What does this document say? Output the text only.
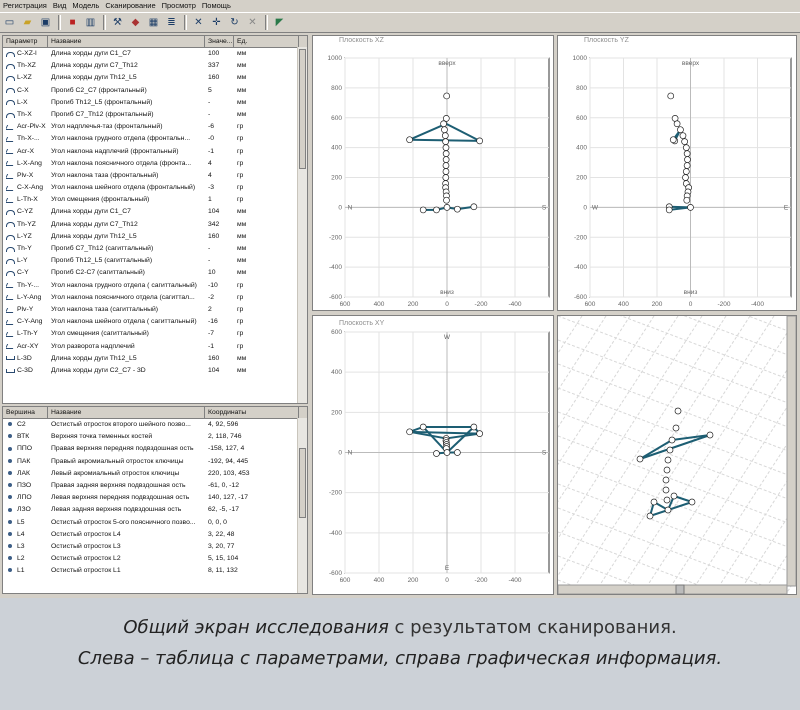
Регистрация Вид Модель Сканирование Просмотр Помощь
▭ ▰ ▣	■	▥	⚒ ◆ ▦ ≣	✕ ✛ ↻ ✕	◤
Параметр	Название	Значе... Ед.
C-XZ-l	Длина хорды дуги C1_C7	100	мм
Th-XZ	Длина хорды дуги C7_Th12	337	мм
L-XZ	Длина хорды дуги Th12_L5	160	мм
C-X	Прогиб C2_C7 (фронтальный)	5	мм
L-X	Прогиб Th12_L5 (фронтальный)	-	мм
Th-X	Прогиб C7_Th12 (фронтальный)	-	мм
Acr-Plv-X Угол надплечья-таз (фронтальный)	-6	гр
Th-X-...	Угол наклона грудного отдела (фронтальн...	-0	гр
Acr-X	Угол наклона надплечий (фронтальный)	-1	гр
L-X-Ang	Угол наклона поясничного отдела (фронта...	4	гр
Plv-X	Угол наклона таза (фронтальный)	4	гр
C-X-Ang	Угол наклона шейного отдела (фронтальный)	-3	гр
L-Th-X	Угол смещения (фронтальный)	1	гр
C-YZ	Длина хорды дуги C1_C7	104	мм
Th-YZ	Длина хорды дуги C7_Th12	342	мм
L-YZ	Длина хорды дуги Th12_L5	160	мм
Th-Y	Прогиб C7_Th12 (сагиттальный)	-	мм
L-Y	Прогиб Th12_L5 (сагиттальный)	-	мм
C-Y	Прогиб C2-C7 (сагиттальный)	10	мм
Th-Y-...	Угол наклона грудного отдела ( сагиттальный)	-10	гр
L-Y-Ang	Угол наклона поясничного отдела (сагиттал...	-2	гр
Plv-Y	Угол наклона таза (сагиттальный)	2	гр
C-Y-Ang	Угол наклона шейного отдела ( сагиттальный)	-16	гр
L-Th-Y	Угол смещения (сагиттальный)	-7	гр
Acr-XY	Угол разворота надплечий	-1	гр
L-3D	Длина хорды дуги Th12_L5	160	мм
C-3D	Длина хорды дуги C2_C7 - 3D	104	мм
Вершина	Название	Координаты
C2	Остистый отросток второго шейного позво...	4, 92, 596
ВТК	Верхняя точка теменных костей	2, 118, 746
ППО	Правая верхняя передняя подвздошная ость	-158, 127, 4
ПАК	Правый акромиальный отросток ключицы	-192, 94, 445
ЛАК	Левый акромиальный отросток ключицы	220, 103, 453
ПЗО	Правая задняя верхняя подвздошная ость	-61, 0, -12
ЛПО	Левая верхняя передняя подвздошная ость	140, 127, -17
ЛЗО	Левая задняя верхняя подвздошная ость	62, -5, -17
L5	Остистый отросток 5-ого поясничного позво...	0, 0, 0
L4	Остистый отросток L4	3, 22, 48
L3	Остистый отросток L3	3, 20, 77
L2	Остистый отросток L2	5, 15, 104
L1	Остистый отросток L1	8, 11, 132
Плоскость XZ
1000
800
600
400
200
0
-200
-400
-600
600	400	200	0	-200	-400
вверх
вниз
N	S
Плоскость YZ
1000
800
600
400
200
0
-200
-400
-600
600	400	200	0	-200	-400
вверх
вниз
W	E
Плоскость XY
600
400
200
0
-200
-400
-600
600	400	200	0	-200	-400
W
E
N	S
Общий экран исследования с результатом сканирования.
Слева – таблица с параметрами, справа графическая информация.
